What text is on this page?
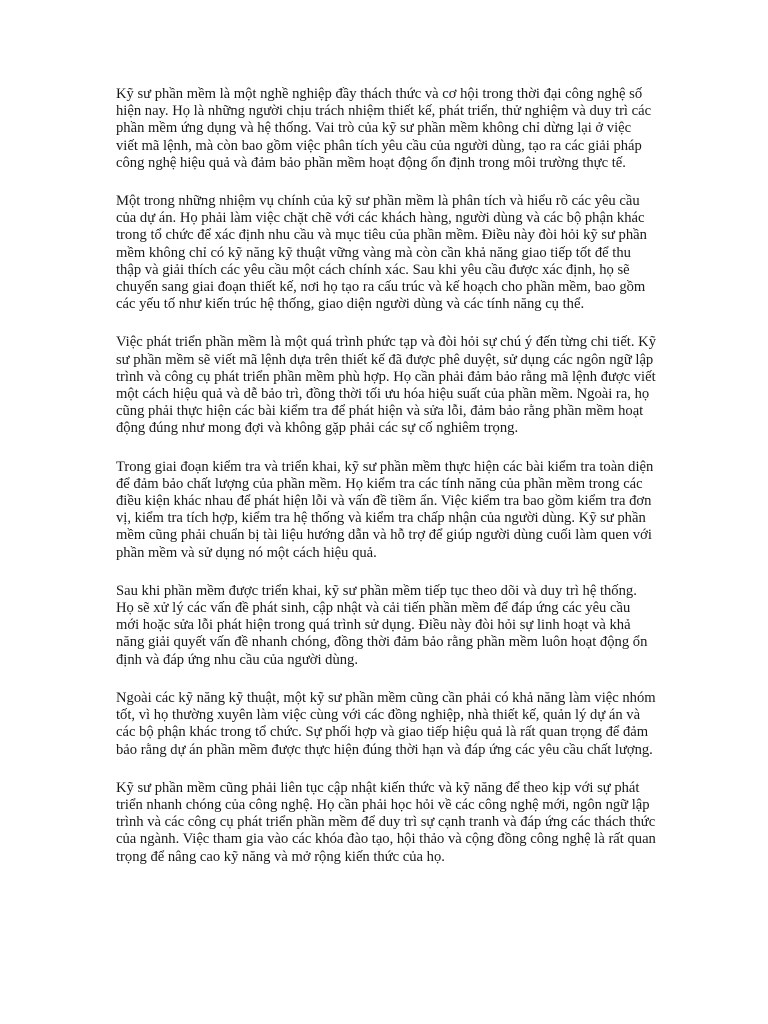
Kỹ sư phần mềm là một nghề nghiệp đầy thách thức và cơ hội trong thời đại công nghệ số hiện nay. Họ là những người chịu trách nhiệm thiết kế, phát triển, thử nghiệm và duy trì các phần mềm ứng dụng và hệ thống. Vai trò của kỹ sư phần mềm không chỉ dừng lại ở việc viết mã lệnh, mà còn bao gồm việc phân tích yêu cầu của người dùng, tạo ra các giải pháp công nghệ hiệu quả và đảm bảo phần mềm hoạt động ổn định trong môi trường thực tế.

Một trong những nhiệm vụ chính của kỹ sư phần mềm là phân tích và hiểu rõ các yêu cầu của dự án. Họ phải làm việc chặt chẽ với các khách hàng, người dùng và các bộ phận khác trong tổ chức để xác định nhu cầu và mục tiêu của phần mềm. Điều này đòi hỏi kỹ sư phần mềm không chỉ có kỹ năng kỹ thuật vững vàng mà còn cần khả năng giao tiếp tốt để thu thập và giải thích các yêu cầu một cách chính xác. Sau khi yêu cầu được xác định, họ sẽ chuyển sang giai đoạn thiết kế, nơi họ tạo ra cấu trúc và kế hoạch cho phần mềm, bao gồm các yếu tố như kiến trúc hệ thống, giao diện người dùng và các tính năng cụ thể.

Việc phát triển phần mềm là một quá trình phức tạp và đòi hỏi sự chú ý đến từng chi tiết. Kỹ sư phần mềm sẽ viết mã lệnh dựa trên thiết kế đã được phê duyệt, sử dụng các ngôn ngữ lập trình và công cụ phát triển phần mềm phù hợp. Họ cần phải đảm bảo rằng mã lệnh được viết một cách hiệu quả và dễ bảo trì, đồng thời tối ưu hóa hiệu suất của phần mềm. Ngoài ra, họ cũng phải thực hiện các bài kiểm tra để phát hiện và sửa lỗi, đảm bảo rằng phần mềm hoạt động đúng như mong đợi và không gặp phải các sự cố nghiêm trọng.

Trong giai đoạn kiểm tra và triển khai, kỹ sư phần mềm thực hiện các bài kiểm tra toàn diện để đảm bảo chất lượng của phần mềm. Họ kiểm tra các tính năng của phần mềm trong các điều kiện khác nhau để phát hiện lỗi và vấn đề tiềm ẩn. Việc kiểm tra bao gồm kiểm tra đơn vị, kiểm tra tích hợp, kiểm tra hệ thống và kiểm tra chấp nhận của người dùng. Kỹ sư phần mềm cũng phải chuẩn bị tài liệu hướng dẫn và hỗ trợ để giúp người dùng cuối làm quen với phần mềm và sử dụng nó một cách hiệu quả.

Sau khi phần mềm được triển khai, kỹ sư phần mềm tiếp tục theo dõi và duy trì hệ thống. Họ sẽ xử lý các vấn đề phát sinh, cập nhật và cải tiến phần mềm để đáp ứng các yêu cầu mới hoặc sửa lỗi phát hiện trong quá trình sử dụng. Điều này đòi hỏi sự linh hoạt và khả năng giải quyết vấn đề nhanh chóng, đồng thời đảm bảo rằng phần mềm luôn hoạt động ổn định và đáp ứng nhu cầu của người dùng.

Ngoài các kỹ năng kỹ thuật, một kỹ sư phần mềm cũng cần phải có khả năng làm việc nhóm tốt, vì họ thường xuyên làm việc cùng với các đồng nghiệp, nhà thiết kế, quản lý dự án và các bộ phận khác trong tổ chức. Sự phối hợp và giao tiếp hiệu quả là rất quan trọng để đảm bảo rằng dự án phần mềm được thực hiện đúng thời hạn và đáp ứng các yêu cầu chất lượng.

Kỹ sư phần mềm cũng phải liên tục cập nhật kiến thức và kỹ năng để theo kịp với sự phát triển nhanh chóng của công nghệ. Họ cần phải học hỏi về các công nghệ mới, ngôn ngữ lập trình và các công cụ phát triển phần mềm để duy trì sự cạnh tranh và đáp ứng các thách thức của ngành. Việc tham gia vào các khóa đào tạo, hội thảo và cộng đồng công nghệ là rất quan trọng để nâng cao kỹ năng và mở rộng kiến thức của họ.
